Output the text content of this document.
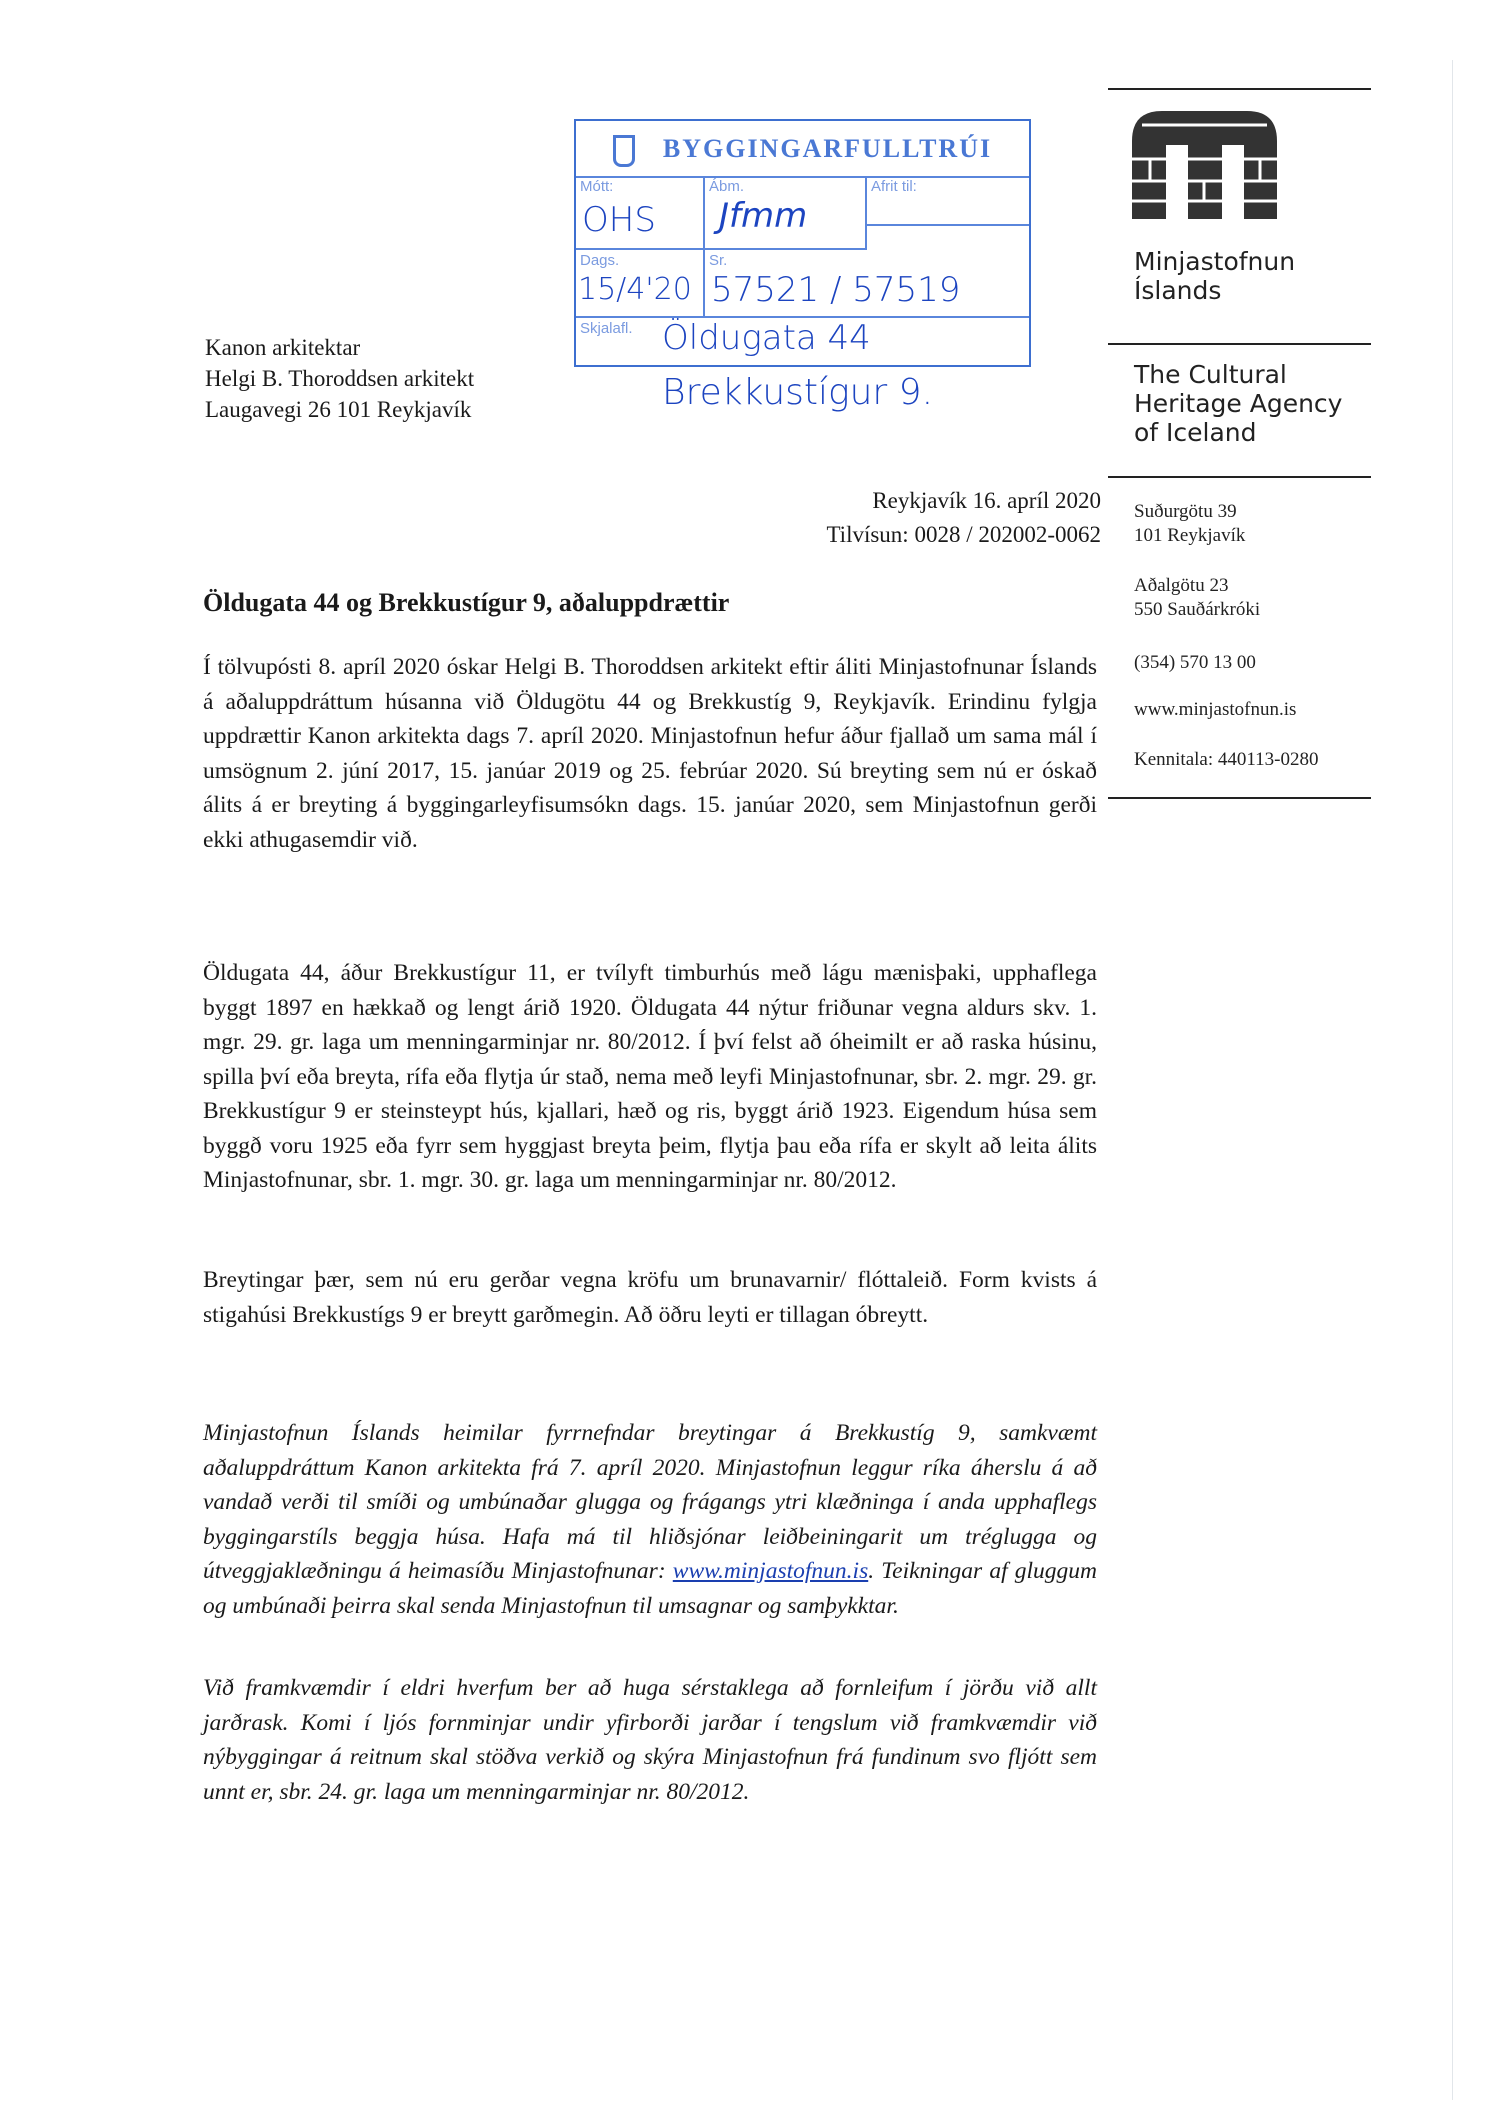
Kanon arkitektar
Helgi B. Thoroddsen arkitekt
Laugavegi 26 101 Reykjavík
BYGGINGARFULLTRÚI
Mótt:
OHS
Ábm.
Jfmm
Afrit til:
Dags.
15/4'20
Sr.
57521 / 57519
Skjalafl. Öldugata 44
Brekkustígur 9.
Minjastofnun
Íslands
The Cultural
Heritage Agency
of Iceland
Suðurgötu 39
101 Reykjavík
Aðalgötu 23
550 Sauðárkróki
(354) 570 13 00
www.minjastofnun.is
Kennitala: 440113-0280
Reykjavík 16. apríl 2020
Tilvísun: 0028 / 202002-0062
Öldugata 44 og Brekkustígur 9, aðaluppdrættir
Í tölvupósti 8. apríl 2020 óskar Helgi B. Thoroddsen arkitekt eftir áliti Minjastofnunar Íslands á aðaluppdráttum húsanna við Öldugötu 44 og Brekkustíg 9, Reykjavík. Erindinu fylgja uppdrættir Kanon arkitekta dags 7. apríl 2020. Minjastofnun hefur áður fjallað um sama mál í umsögnum 2. júní 2017, 15. janúar 2019 og 25. febrúar 2020. Sú breyting sem nú er óskað álits á er breyting á byggingarleyfisumsókn dags. 15. janúar 2020, sem Minjastofnun gerði ekki athugasemdir við.
Öldugata 44, áður Brekkustígur 11, er tvílyft timburhús með lágu mænisþaki, upphaflega byggt 1897 en hækkað og lengt árið 1920. Öldugata 44 nýtur friðunar vegna aldurs skv. 1. mgr. 29. gr. laga um menningarminjar nr. 80/2012. Í því felst að óheimilt er að raska húsinu, spilla því eða breyta, rífa eða flytja úr stað, nema með leyfi Minjastofnunar, sbr. 2. mgr. 29. gr. Brekkustígur 9 er steinsteypt hús, kjallari, hæð og ris, byggt árið 1923. Eigendum húsa sem byggð voru 1925 eða fyrr sem hyggjast breyta þeim, flytja þau eða rífa er skylt að leita álits Minjastofnunar, sbr. 1. mgr. 30. gr. laga um menningarminjar nr. 80/2012.
Breytingar þær, sem nú eru gerðar vegna kröfu um brunavarnir/ flóttaleið. Form kvists á stigahúsi Brekkustígs 9 er breytt garðmegin. Að öðru leyti er tillagan óbreytt.
Minjastofnun Íslands heimilar fyrrnefndar breytingar á Brekkustíg 9, samkvæmt aðaluppdráttum Kanon arkitekta frá 7. apríl 2020. Minjastofnun leggur ríka áherslu á að vandað verði til smíði og umbúnaðar glugga og frágangs ytri klæðninga í anda upphaflegs byggingarstíls beggja húsa. Hafa má til hliðsjónar leiðbeiningarit um tréglugga og útveggjaklæðningu á heimasíðu Minjastofnunar: www.minjastofnun.is. Teikningar af gluggum og umbúnaði þeirra skal senda Minjastofnun til umsagnar og samþykktar.
Við framkvæmdir í eldri hverfum ber að huga sérstaklega að fornleifum í jörðu við allt jarðrask. Komi í ljós fornminjar undir yfirborði jarðar í tengslum við framkvæmdir við nýbyggingar á reitnum skal stöðva verkið og skýra Minjastofnun frá fundinum svo fljótt sem unnt er, sbr. 24. gr. laga um menningarminjar nr. 80/2012.
